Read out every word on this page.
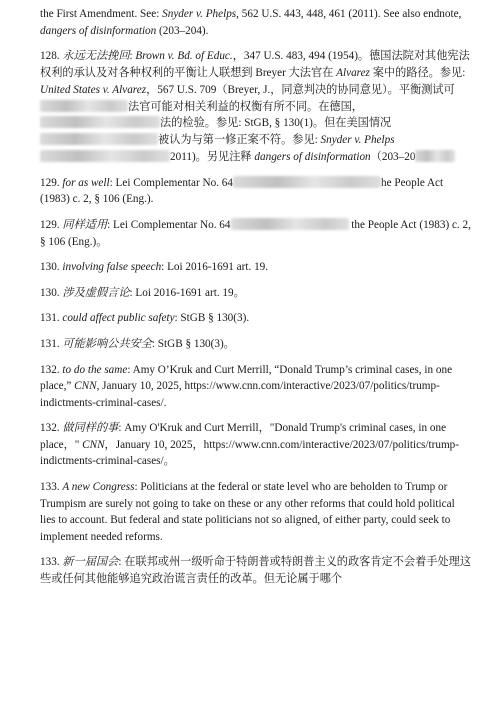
the First Amendment. See: Snyder v. Phelps, 562 U.S. 443, 448, 461 (2011). See also endnote, dangers of disinformation (203–204).

128. 永远无法挽回: Brown v. Bd. of Educ.，347 U.S. 483, 494 (1954)。德国法院对其他宪法权利的承认及对各种权利的平衡让人联想到 Breyer 大法官在 Alvarez 案中的路径。参见: United States v. Alvarez，567 U.S. 709（Breyer, J.，同意判决的协同意见）。平衡测试可法官可能对相关利益的权衡有所不同。在德国，法的检验。参见: StGB, § 130(1)。但在美国情况被认为与第一修正案不符。参见: Snyder v. Phelps2011)。另见注释 dangers of disinformation（203–20

129. for as well: Lei Complementar No. 64	he People Act (1983) c. 2, § 106 (Eng.).

129. 同样适用: Lei Complementar No. 64	the People Act (1983) c. 2, § 106 (Eng.)。

130. involving false speech: Loi 2016-1691 art. 19.

130. 涉及虚假言论: Loi 2016-1691 art. 19。

131. could affect public safety: StGB § 130(3).

131. 可能影响公共安全: StGB § 130(3)。

132. to do the same: Amy O’Kruk and Curt Merrill, “Donald Trump’s criminal cases, in one place,” CNN, January 10, 2025, https://www.cnn.com/interactive/2023/07/politics/trump-indictments-criminal-cases/.

132. 做同样的事: Amy O'Kruk and Curt Merrill，"Donald Trump's criminal cases, in one place，" CNN，January 10, 2025，https://www.cnn.com/interactive/2023/07/politics/trump-indictments-criminal-cases/。

133. A new Congress: Politicians at the federal or state level who are beholden to Trump or Trumpism are surely not going to take on these or any other reforms that could hold political lies to account. But federal and state politicians not so aligned, of either party, could seek to implement needed reforms.

133. 新一届国会: 在联邦或州一级听命于特朗普或特朗普主义的政客肯定不会着手处理这些或任何其他能够追究政治谎言责任的改革。但无论属于哪个
